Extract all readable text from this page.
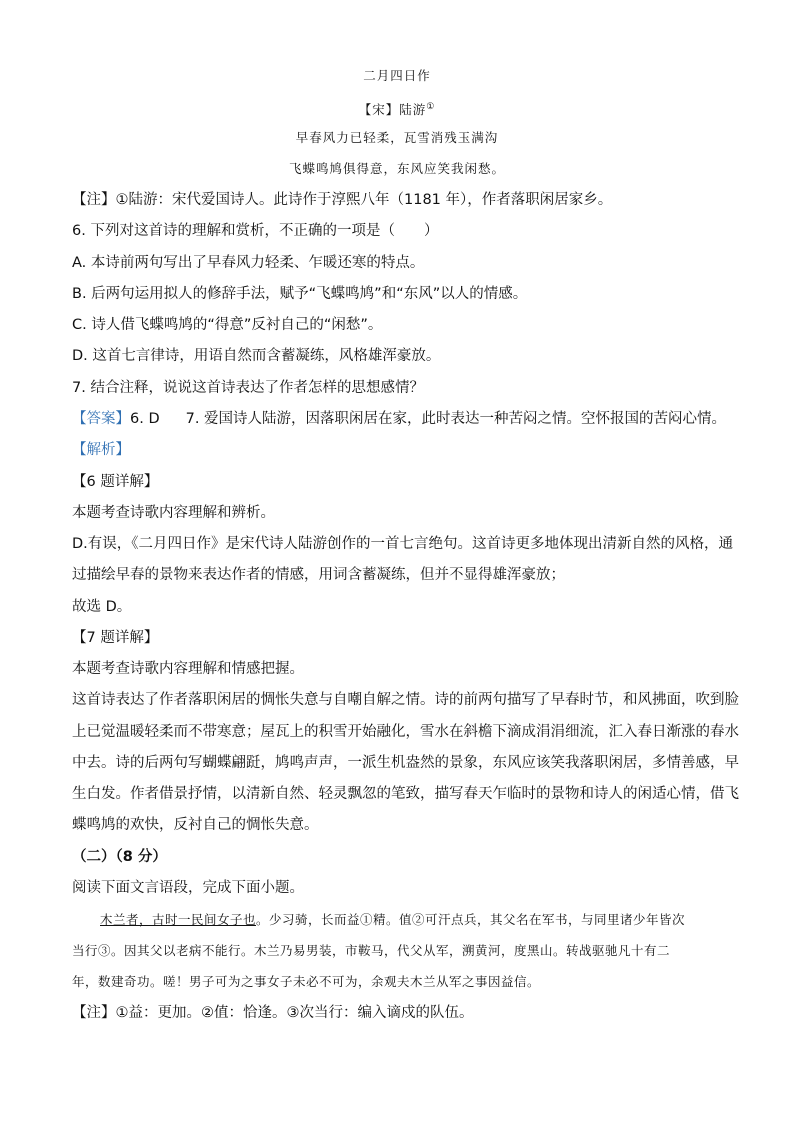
二月四日作
【宋】陆游①
早春风力已轻柔，瓦雪消残玉满沟
飞蝶鸣鸠俱得意，东风应笑我闲愁。
【注】①陆游：宋代爱国诗人。此诗作于淳熙八年（1181 年），作者落职闲居家乡。
6. 下列对这首诗的理解和赏析，不正确的一项是（　　）
A. 本诗前两句写出了早春风力轻柔、乍暖还寒的特点。
B. 后两句运用拟人的修辞手法，赋予“飞蝶鸣鸠”和“东风”以人的情感。
C. 诗人借飞蝶鸣鸠的“得意”反衬自己的“闲愁”。
D. 这首七言律诗，用语自然而含蓄凝练，风格雄浑豪放。
7. 结合注释，说说这首诗表达了作者怎样的思想感情？
【答案】6. D 7. 爱国诗人陆游，因落职闲居在家，此时表达一种苦闷之情。空怀报国的苦闷心情。
【解析】
【6 题详解】
本题考查诗歌内容理解和辨析。
D.有误，《二月四日作》是宋代诗人陆游创作的一首七言绝句。这首诗更多地体现出清新自然的风格，通
过描绘早春的景物来表达作者的情感，用词含蓄凝练，但并不显得雄浑豪放；
故选 D。
【7 题详解】
本题考查诗歌内容理解和情感把握。
这首诗表达了作者落职闲居的惆怅失意与自嘲自解之情。诗的前两句描写了早春时节，和风拂面，吹到脸
上已觉温暖轻柔而不带寒意；屋瓦上的积雪开始融化，雪水在斜檐下滴成涓涓细流，汇入春日渐涨的春水
中去。诗的后两句写蝴蝶翩跹，鸠鸣声声，一派生机盎然的景象，东风应该笑我落职闲居，多情善感，早
生白发。作者借景抒情，以清新自然、轻灵飘忽的笔致，描写春天乍临时的景物和诗人的闲适心情，借飞
蝶鸣鸠的欢快，反衬自己的惆怅失意。
（二）（8 分）
阅读下面文言语段，完成下面小题。
木兰者，古时一民间女子也。少习骑，长而益①精。值②可汗点兵，其父名在军书，与同里诸少年皆次
当行③。因其父以老病不能行。木兰乃易男装，市鞍马，代父从军，溯黄河，度黑山。转战驱驰凡十有二
年，数建奇功。嗟！男子可为之事女子未必不可为，余观夫木兰从军之事因益信。
【注】①益：更加。②值：恰逢。③次当行：编入谪戍的队伍。
